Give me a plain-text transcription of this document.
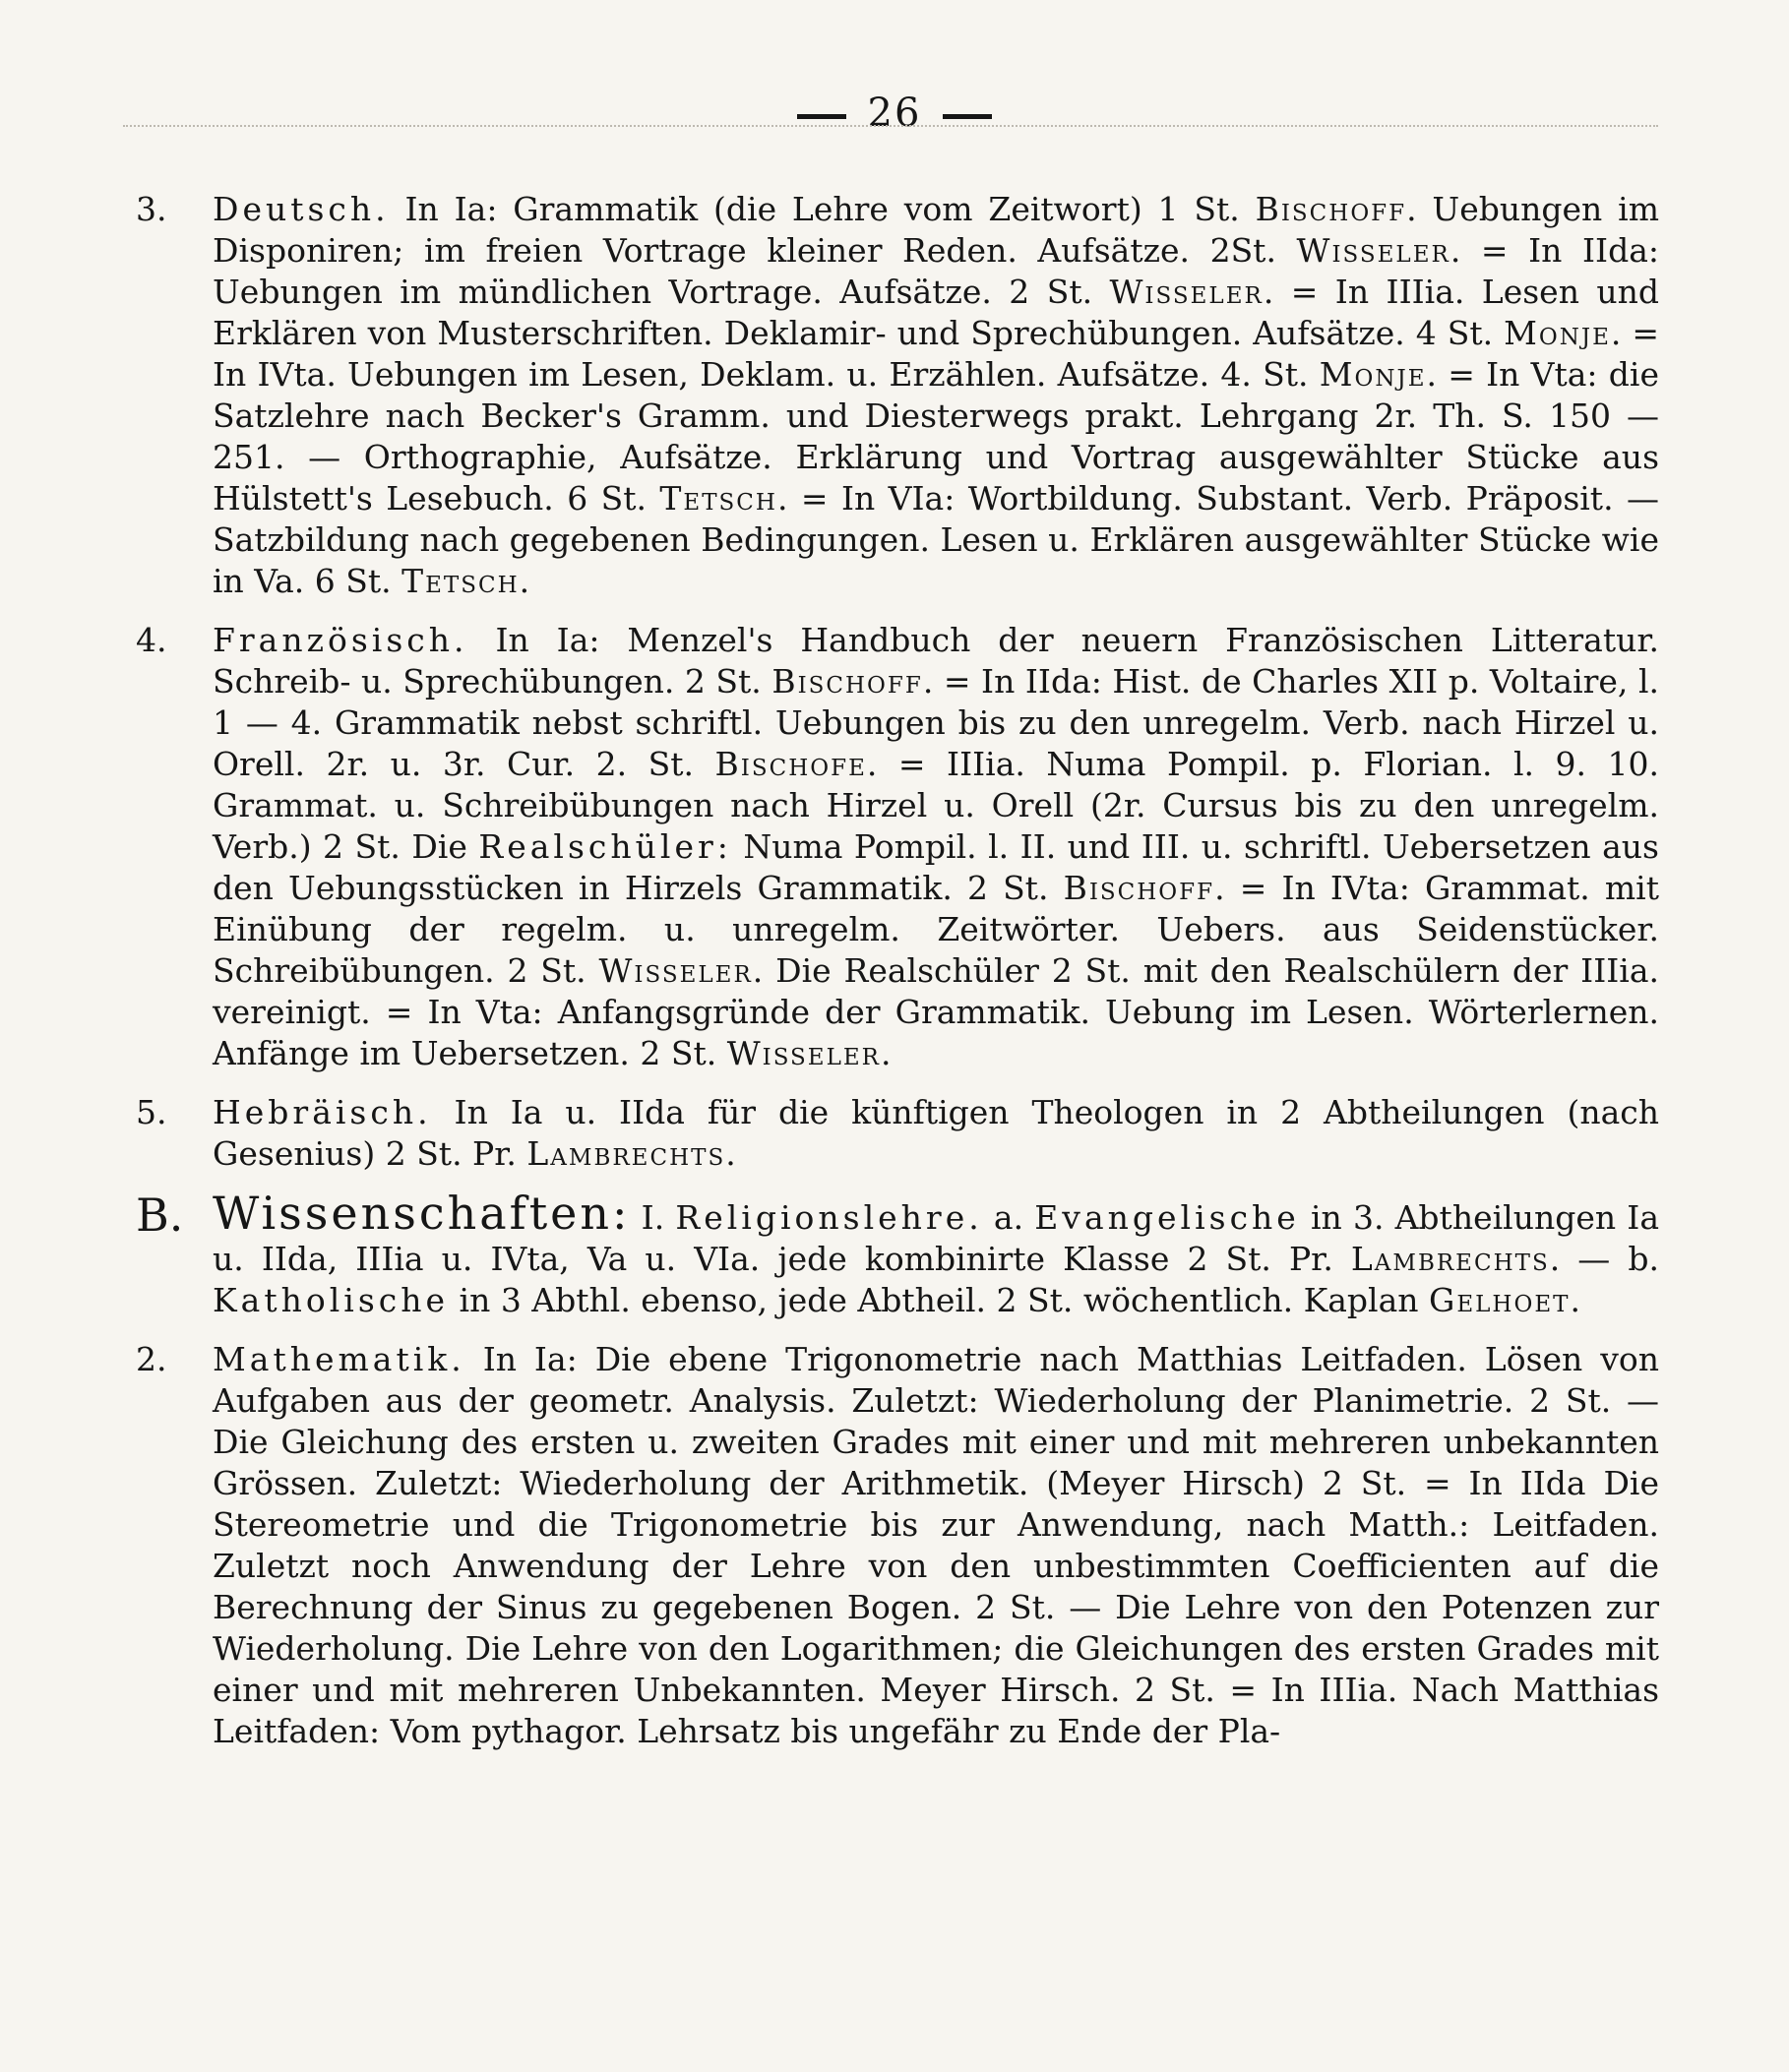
26

3. Deutsch. In Ia: Grammatik (die Lehre vom Zeitwort) 1 St. Bischoff. Uebungen im Disponiren; im freien Vortrage kleiner Reden. Aufsätze. 2St. Wisseler. = In IIda: Uebungen im mündlichen Vortrage. Aufsätze. 2 St. Wisseler. = In IIIia. Lesen und Erklären von Musterschriften. Deklamir- und Sprechübungen. Aufsätze. 4 St. Monje. = In IVta. Uebungen im Lesen, Deklam. u. Erzählen. Aufsätze. 4. St. Monje. = In Vta: die Satzlehre nach Becker's Gramm. und Diesterwegs prakt. Lehrgang 2r. Th. S. 150 — 251. — Orthographie, Aufsätze. Erklärung und Vortrag ausgewählter Stücke aus Hülstett's Lesebuch. 6 St. Tetsch. = In VIa: Wortbildung. Substant. Verb. Präposit. — Satzbildung nach gegebenen Bedingungen. Lesen u. Erklären ausgewählter Stücke wie in Va. 6 St. Tetsch.

4. Französisch. In Ia: Menzel's Handbuch der neuern Französischen Litteratur. Schreib- u. Sprechübungen. 2 St. Bischoff. = In IIda: Hist. de Charles XII p. Voltaire, l. 1 — 4. Grammatik nebst schriftl. Uebungen bis zu den unregelm. Verb. nach Hirzel u. Orell. 2r. u. 3r. Cur. 2. St. Bischofe. = IIIia. Numa Pompil. p. Florian. l. 9. 10. Grammat. u. Schreibübungen nach Hirzel u. Orell (2r. Cursus bis zu den unregelm. Verb.) 2 St. Die Realschüler: Numa Pompil. l. II. und III. u. schriftl. Uebersetzen aus den Uebungsstücken in Hirzels Grammatik. 2 St. Bischoff. = In IVta: Grammat. mit Einübung der regelm. u. unregelm. Zeitwörter. Uebers. aus Seidenstücker. Schreibübungen. 2 St. Wisseler. Die Realschüler 2 St. mit den Realschülern der IIIia. vereinigt. = In Vta: Anfangsgründe der Grammatik. Uebung im Lesen. Wörterlernen. Anfänge im Uebersetzen. 2 St. Wisseler.

5. Hebräisch. In Ia u. IIda für die künftigen Theologen in 2 Abtheilungen (nach Gesenius) 2 St. Pr. Lambrechts.

B. Wissenschaften: I. Religionslehre. a. Evangelische in 3. Abtheilungen Ia u. IIda, IIIia u. IVta, Va u. VIa. jede kombinirte Klasse 2 St. Pr. Lambrechts. — b. Katholische in 3 Abthl. ebenso, jede Abtheil. 2 St. wöchentlich. Kaplan Gelhoet.

2. Mathematik. In Ia: Die ebene Trigonometrie nach Matthias Leitfaden. Lösen von Aufgaben aus der geometr. Analysis. Zuletzt: Wiederholung der Planimetrie. 2 St. — Die Gleichung des ersten u. zweiten Grades mit einer und mit mehreren unbekannten Grössen. Zuletzt: Wiederholung der Arithmetik. (Meyer Hirsch) 2 St. = In IIda Die Stereometrie und die Trigonometrie bis zur Anwendung, nach Matth.: Leitfaden. Zuletzt noch Anwendung der Lehre von den unbestimmten Coefficienten auf die Berechnung der Sinus zu gegebenen Bogen. 2 St. — Die Lehre von den Potenzen zur Wiederholung. Die Lehre von den Logarithmen; die Gleichungen des ersten Grades mit einer und mit mehreren Unbekannten. Meyer Hirsch. 2 St. = In IIIia. Nach Matthias Leitfaden: Vom pythagor. Lehrsatz bis ungefähr zu Ende der Pla-
